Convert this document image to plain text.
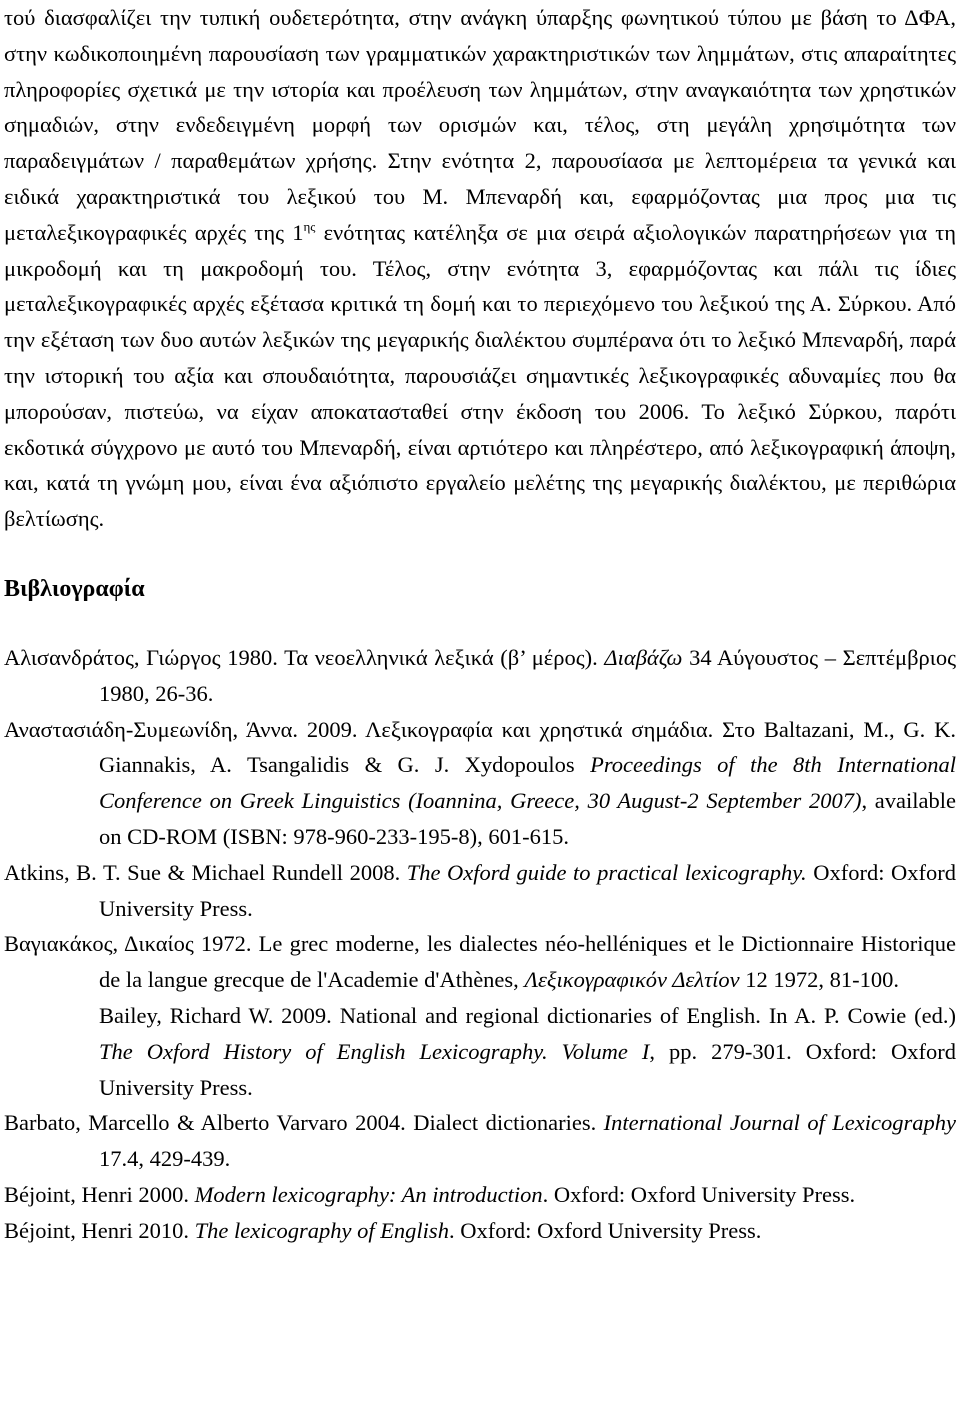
τού διασφαλίζει την τυπική ουδετερότητα, στην ανάγκη ύπαρξης φωνητικού τύπου με βάση το ΔΦΑ, στην κωδικοποιημένη παρουσίαση των γραμματικών χαρακτηριστικών των λημμάτων, στις απαραίτητες πληροφορίες σχετικά με την ιστορία και προέλευση των λημμάτων, στην αναγκαιότητα των χρηστικών σημαδιών, στην ενδεδειγμένη μορφή των ορισμών και, τέλος, στη μεγάλη χρησιμότητα των παραδειγμάτων / παραθεμάτων χρήσης. Στην ενότητα 2, παρουσίασα με λεπτομέρεια τα γενικά και ειδικά χαρακτηριστικά του λεξικού του Μ. Μπεναρδή και, εφαρμόζοντας μια προς μια τις μεταλεξικογραφικές αρχές της $1^{\eta\varsigma}$ ενότητας κατέληξα σε μια σειρά αξιολογικών παρατηρήσεων για τη μικροδομή και τη μακροδομή του. Τέλος, στην ενότητα 3, εφαρμόζοντας και πάλι τις ίδιες μεταλεξικογραφικές αρχές εξέτασα κριτικά τη δομή και το περιεχόμενο του λεξικού της Α. Σύρκου. Από την εξέταση των δυο αυτών λεξικών της μεγαρικής διαλέκτου συμπέρανα ότι το λεξικό Μπεναρδή, παρά την ιστορική του αξία και σπουδαιότητα, παρουσιάζει σημαντικές λεξικογραφικές αδυναμίες που θα μπορούσαν, πιστεύω, να είχαν αποκατασταθεί στην έκδοση του 2006. Το λεξικό Σύρκου, παρότι εκδοτικά σύγχρονο με αυτό του Μπεναρδή, είναι αρτιότερο και πληρέστερο, από λεξικογραφική άποψη, και, κατά τη γνώμη μου, είναι ένα αξιόπιστο εργαλείο μελέτης της μεγαρικής διαλέκτου, με περιθώρια βελτίωσης.

Βιβλιογραφία

Αλισανδράτος, Γιώργος 1980. Τα νεοελληνικά λεξικά (β’ μέρος). Διαβάζω 34 Αύγουστος – Σεπτέμβριος 1980, 26-36.

Αναστασιάδη-Συμεωνίδη, Άννα. 2009. Λεξικογραφία και χρηστικά σημάδια. Στο Baltazani, M., G. K. Giannakis, A. Tsangalidis & G. J. Xydopoulos Proceedings of the 8th International Conference on Greek Linguistics (Ioannina, Greece, 30 August-2 September 2007), available on CD-ROM (ISBN: 978-960-233-195-8), 601-615.

Atkins, B. T. Sue & Michael Rundell 2008. The Oxford guide to practical lexicography. Oxford: Oxford University Press.

Βαγιακάκος, Δικαίος 1972. Le grec moderne, les dialectes néo-helléniques et le Dictionnaire Historique de la langue grecque de l'Academie d'Athènes, Λεξικογραφικόν Δελτίον 12 1972, 81-100.

Bailey, Richard W. 2009. National and regional dictionaries of English. In A. P. Cowie (ed.) The Oxford History of English Lexicography. Volume I, pp. 279-301. Oxford: Oxford University Press.

Barbato, Marcello & Alberto Varvaro 2004. Dialect dictionaries. International Journal of Lexicography 17.4, 429-439.

Béjoint, Henri 2000. Modern lexicography: An introduction. Oxford: Oxford University Press.

Béjoint, Henri 2010. The lexicography of English. Oxford: Oxford University Press.
